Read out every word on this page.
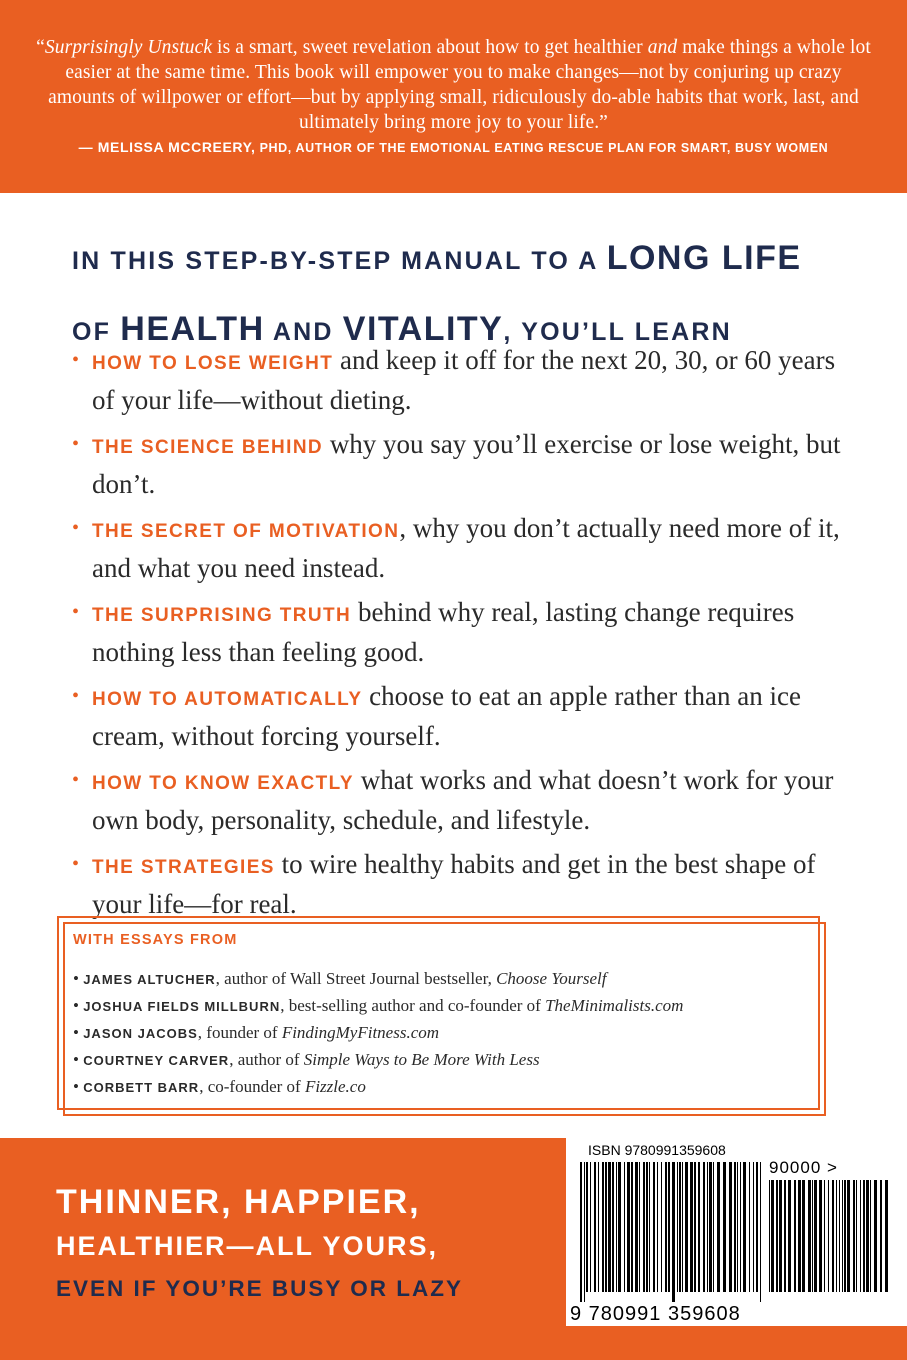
“Surprisingly Unstuck is a smart, sweet revelation about how to get healthier and make things a whole lot easier at the same time. This book will empower you to make changes—not by conjuring up crazy amounts of willpower or effort—but by applying small, ridiculously do-able habits that work, last, and ultimately bring more joy to your life.”
— MELISSA MCCREERY, PHD, AUTHOR OF THE EMOTIONAL EATING RESCUE PLAN FOR SMART, BUSY WOMEN
IN THIS STEP-BY-STEP MANUAL TO A LONG LIFE
OF HEALTH AND VITALITY, YOU’LL LEARN
• HOW TO LOSE WEIGHT and keep it off for the next 20, 30, or 60 years of your life—without dieting.
• THE SCIENCE BEHIND why you say you’ll exercise or lose weight, but don’t.
• THE SECRET OF MOTIVATION, why you don’t actually need more of it, and what you need instead.
• THE SURPRISING TRUTH behind why real, lasting change requires nothing less than feeling good.
• HOW TO AUTOMATICALLY choose to eat an apple rather than an ice cream, without forcing yourself.
• HOW TO KNOW EXACTLY what works and what doesn’t work for your own body, personality, schedule, and lifestyle.
• THE STRATEGIES to wire healthy habits and get in the best shape of your life—for real.
WITH ESSAYS FROM
• JAMES ALTUCHER, author of Wall Street Journal bestseller, Choose Yourself
• JOSHUA FIELDS MILLBURN, best-selling author and co-founder of TheMinimalists.com
• JASON JACOBS, founder of FindingMyFitness.com
• COURTNEY CARVER, author of Simple Ways to Be More With Less
• CORBETT BARR, co-founder of Fizzle.co
THINNER, HAPPIER,
HEALTHIER—ALL YOURS,
EVEN IF YOU’RE BUSY OR LAZY
ISBN 9780991359608
90000 >
9 780991 359608
